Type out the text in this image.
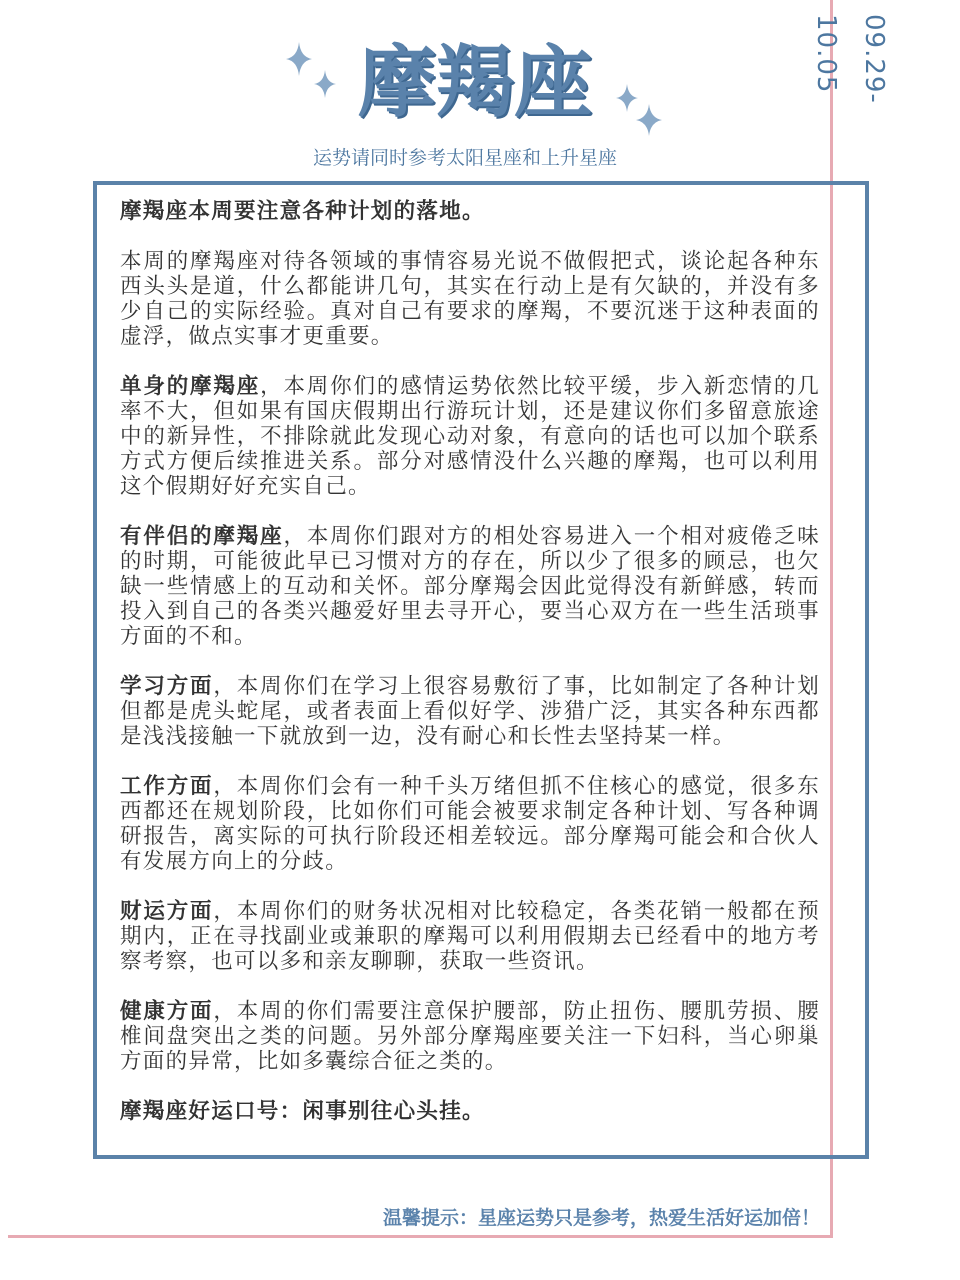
09.29-10.05
摩羯座
运势请同时参考太阳星座和上升星座

摩羯座本周要注意各种计划的落地。

本周的摩羯座对待各领域的事情容易光说不做假把式，谈论起各种东西头头是道，什么都能讲几句，其实在行动上是有欠缺的，并没有多少自己的实际经验。真对自己有要求的摩羯，不要沉迷于这种表面的虚浮，做点实事才更重要。

单身的摩羯座，本周你们的感情运势依然比较平缓，步入新恋情的几率不大，但如果有国庆假期出行游玩计划，还是建议你们多留意旅途中的新异性，不排除就此发现心动对象，有意向的话也可以加个联系方式方便后续推进关系。部分对感情没什么兴趣的摩羯，也可以利用这个假期好好充实自己。

有伴侣的摩羯座，本周你们跟对方的相处容易进入一个相对疲倦乏味的时期，可能彼此早已习惯对方的存在，所以少了很多的顾忌，也欠缺一些情感上的互动和关怀。部分摩羯会因此觉得没有新鲜感，转而投入到自己的各类兴趣爱好里去寻开心，要当心双方在一些生活琐事方面的不和。

学习方面，本周你们在学习上很容易敷衍了事，比如制定了各种计划但都是虎头蛇尾，或者表面上看似好学、涉猎广泛，其实各种东西都是浅浅接触一下就放到一边，没有耐心和长性去坚持某一样。

工作方面，本周你们会有一种千头万绪但抓不住核心的感觉，很多东西都还在规划阶段，比如你们可能会被要求制定各种计划、写各种调研报告，离实际的可执行阶段还相差较远。部分摩羯可能会和合伙人有发展方向上的分歧。

财运方面，本周你们的财务状况相对比较稳定，各类花销一般都在预期内，正在寻找副业或兼职的摩羯可以利用假期去已经看中的地方考察考察，也可以多和亲友聊聊，获取一些资讯。

健康方面，本周的你们需要注意保护腰部，防止扭伤、腰肌劳损、腰椎间盘突出之类的问题。另外部分摩羯座要关注一下妇科，当心卵巢方面的异常，比如多囊综合征之类的。

摩羯座好运口号：闲事别往心头挂。

温馨提示：星座运势只是参考，热爱生活好运加倍！
